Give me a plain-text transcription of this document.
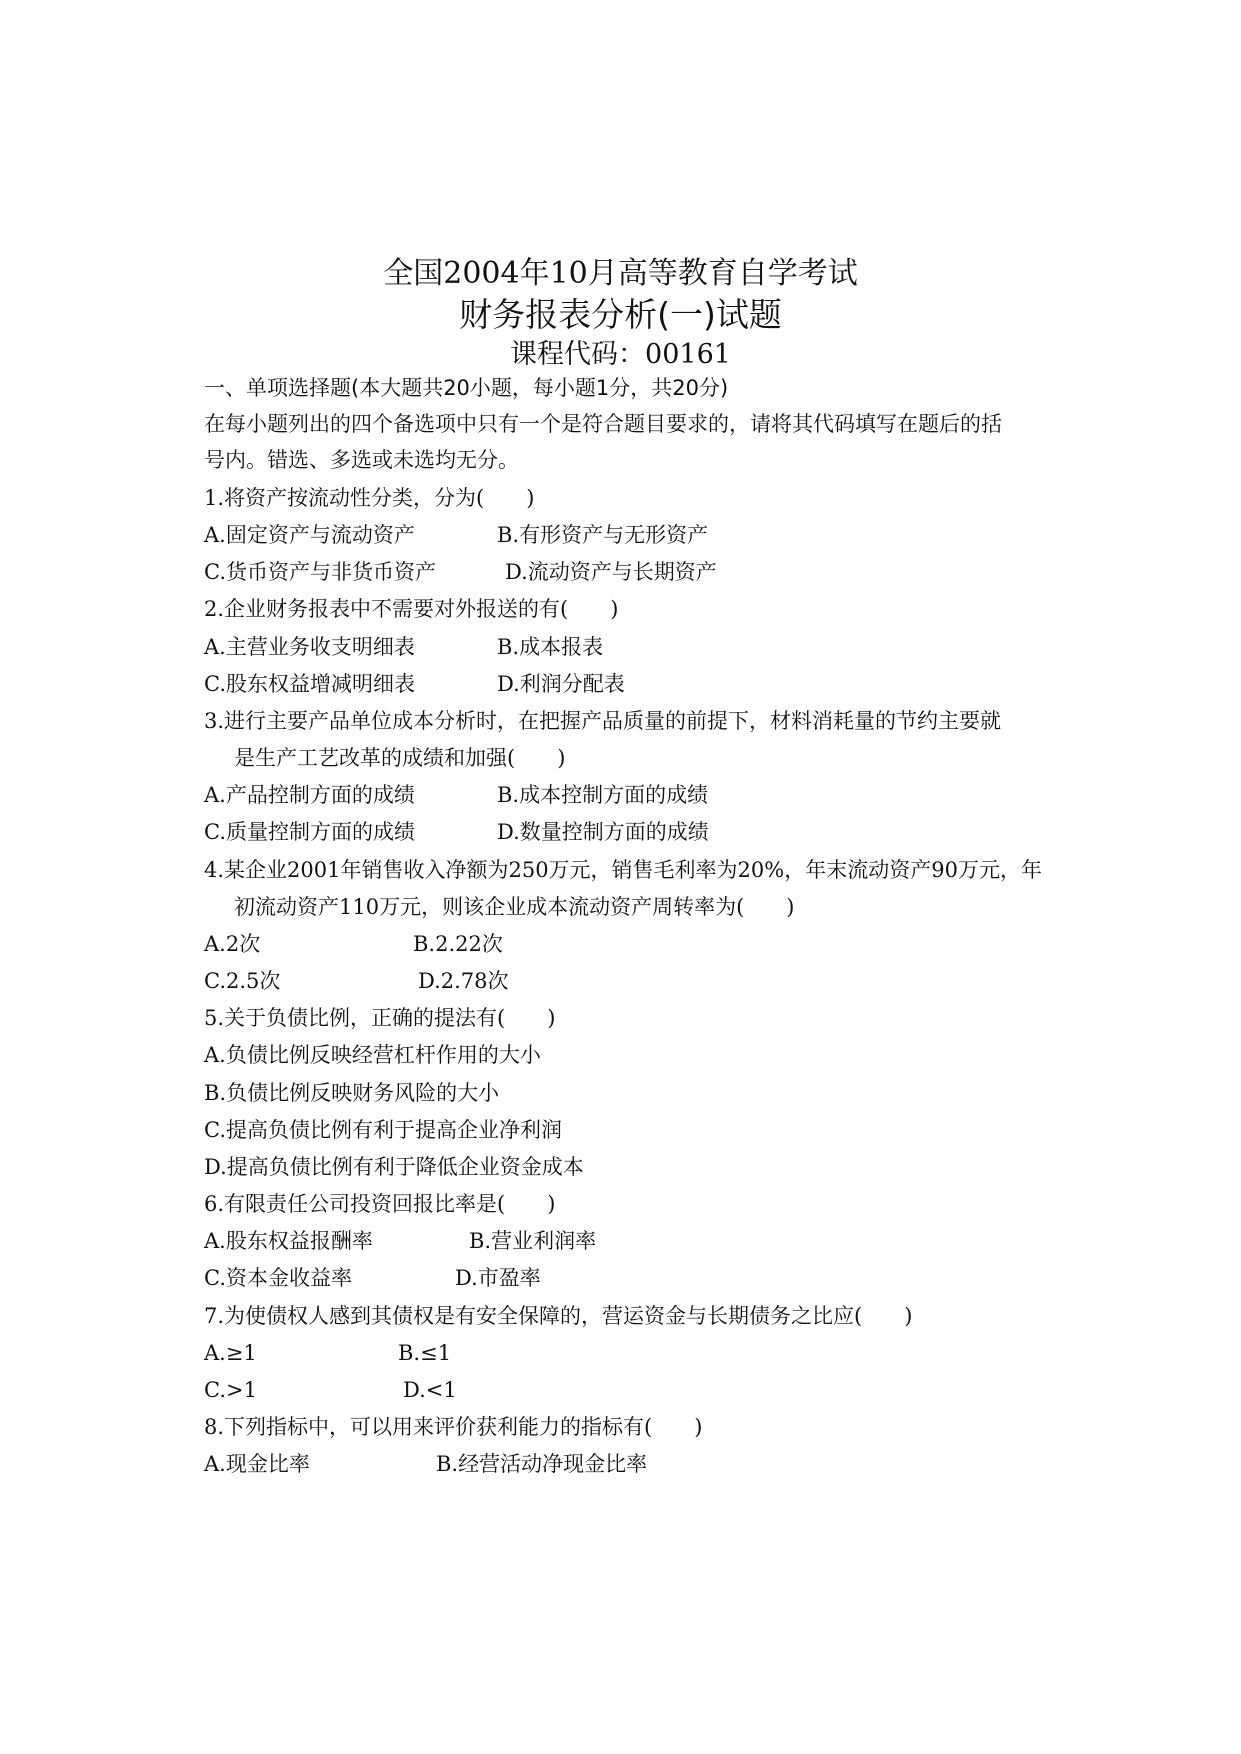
全国2004年10月高等教育自学考试
财务报表分析(一)试题
课程代码：00161
一、单项选择题(本大题共20小题，每小题1分，共20分)
在每小题列出的四个备选项中只有一个是符合题目要求的，请将其代码填写在题后的括
号内。错选、多选或未选均无分。
1.将资产按流动性分类，分为(　　)
A.固定资产与流动资产	B.有形资产与无形资产
C.货币资产与非货币资产	D.流动资产与长期资产
2.企业财务报表中不需要对外报送的有(　　)
A.主营业务收支明细表	B.成本报表
C.股东权益增减明细表	D.利润分配表
3.进行主要产品单位成本分析时，在把握产品质量的前提下，材料消耗量的节约主要就
是生产工艺改革的成绩和加强(　　)
A.产品控制方面的成绩	B.成本控制方面的成绩
C.质量控制方面的成绩	D.数量控制方面的成绩
4.某企业2001年销售收入净额为250万元，销售毛利率为20%，年末流动资产90万元，年
初流动资产110万元，则该企业成本流动资产周转率为(　　)
A.2次	B.2.22次
C.2.5次	D.2.78次
5.关于负债比例，正确的提法有(　　)
A.负债比例反映经营杠杆作用的大小
B.负债比例反映财务风险的大小
C.提高负债比例有利于提高企业净利润
D.提高负债比例有利于降低企业资金成本
6.有限责任公司投资回报比率是(　　)
A.股东权益报酬率	B.营业利润率
C.资本金收益率	D.市盈率
7.为使债权人感到其债权是有安全保障的，营运资金与长期债务之比应(　　)
A.≥1	B.≤1
C.>1	D.<1
8.下列指标中，可以用来评价获利能力的指标有(　　)
A.现金比率	B.经营活动净现金比率
